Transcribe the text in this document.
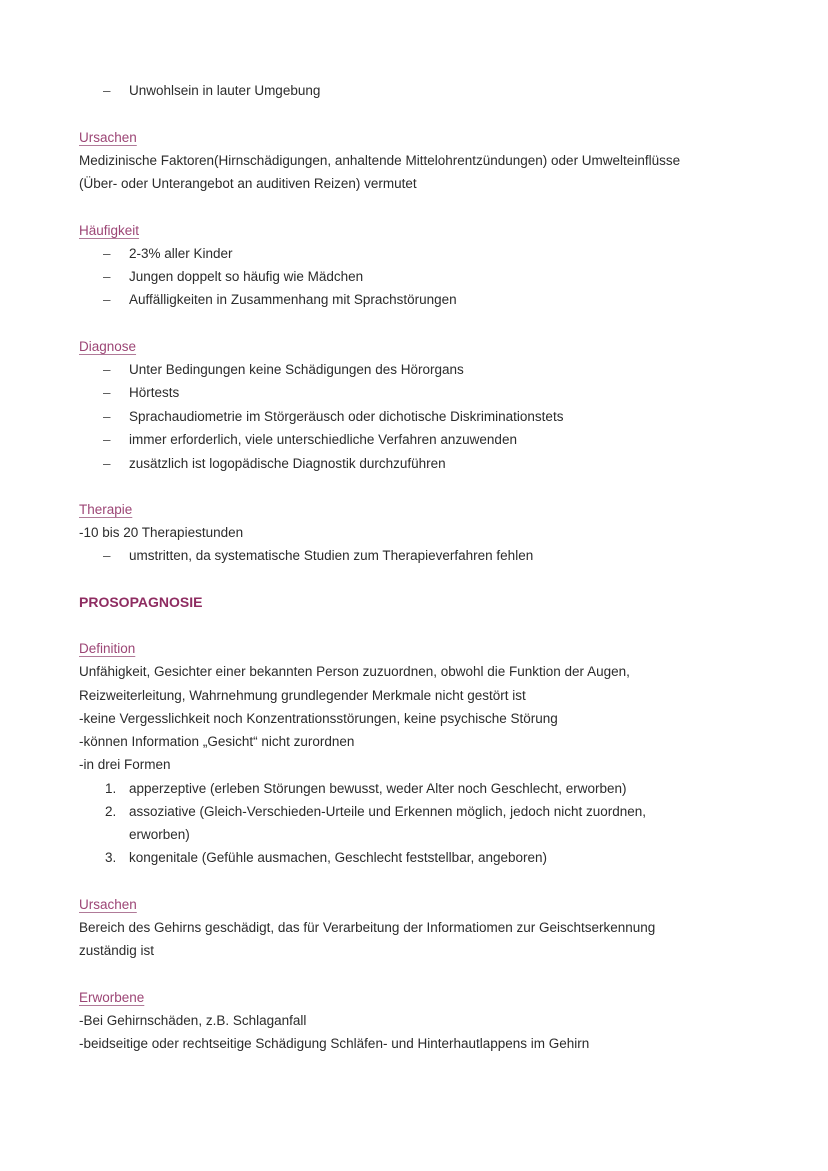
–	Unwohlsein in lauter Umgebung
Ursachen
Medizinische Faktoren(Hirnschädigungen, anhaltende Mittelohrentzündungen) oder Umwelteinflüsse
(Über- oder Unterangebot an auditiven Reizen) vermutet
Häufigkeit
–	2-3% aller Kinder
–	Jungen doppelt so häufig wie Mädchen
–	Auffälligkeiten in Zusammenhang mit Sprachstörungen
Diagnose
–	Unter Bedingungen keine Schädigungen des Hörorgans
–	Hörtests
–	Sprachaudiometrie im Störgeräusch oder dichotische Diskriminationstets
–	immer erforderlich, viele unterschiedliche Verfahren anzuwenden
–	zusätzlich ist logopädische Diagnostik durchzuführen
Therapie
-10 bis 20 Therapiestunden
–	umstritten, da systematische Studien zum Therapieverfahren fehlen
PROSOPAGNOSIE
Definition
Unfähigkeit, Gesichter einer bekannten Person zuzuordnen, obwohl die Funktion der Augen,
Reizweiterleitung, Wahrnehmung grundlegender Merkmale nicht gestört ist
-keine Vergesslichkeit noch Konzentrationsstörungen, keine psychische Störung
-können Information „Gesicht“ nicht zurordnen
-in drei Formen
1. apperzeptive (erleben Störungen bewusst, weder Alter noch Geschlecht, erworben)
2. assoziative (Gleich-Verschieden-Urteile und Erkennen möglich, jedoch nicht zuordnen,
erworben)
3. kongenitale (Gefühle ausmachen, Geschlecht feststellbar, angeboren)
Ursachen
Bereich des Gehirns geschädigt, das für Verarbeitung der Informatiomen zur Geischtserkennung
zuständig ist
Erworbene
-Bei Gehirnschäden, z.B. Schlaganfall
-beidseitige oder rechtseitige Schädigung Schläfen- und Hinterhautlappens im Gehirn
